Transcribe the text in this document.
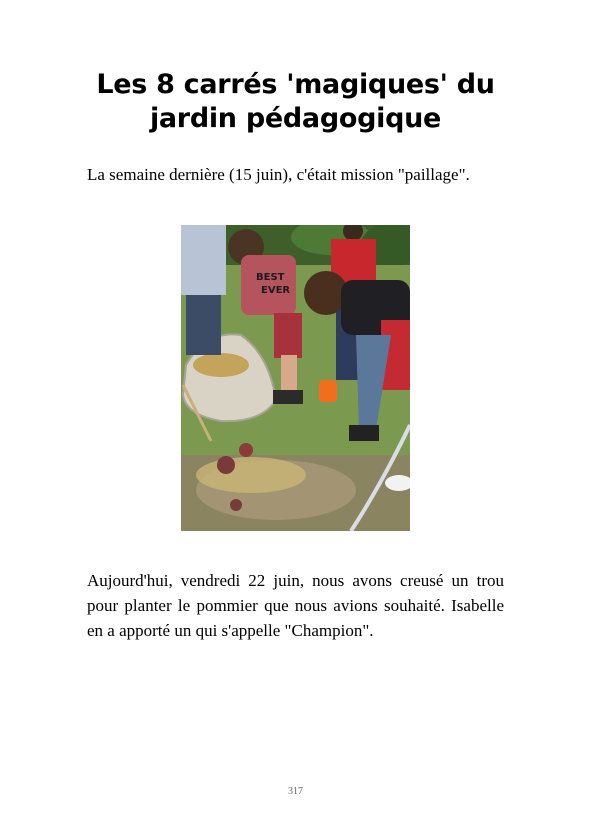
Les 8 carrés 'magiques' du
jardin pédagogique

La semaine dernière (15 juin), c'était mission "paillage".

BEST
EVER

Aujourd'hui, vendredi 22 juin, nous avons creusé un trou pour planter le pommier que nous avions souhaité. Isabelle en a apporté un qui s'appelle "Champion".

317
